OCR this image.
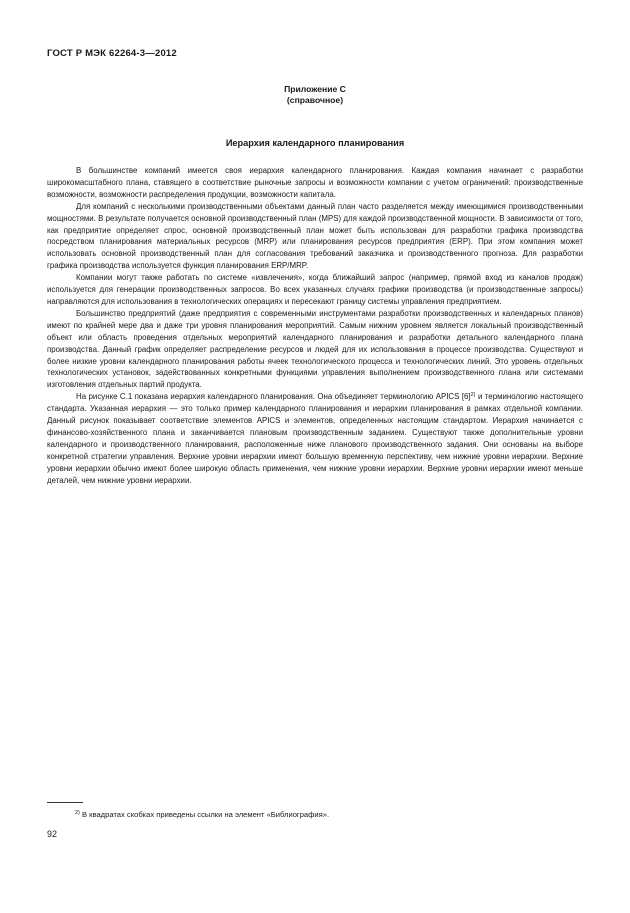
ГОСТ Р МЭК 62264-3—2012
Приложение С
(справочное)
Иерархия календарного планирования

В большинстве компаний имеется своя иерархия календарного планирования. Каждая компания начинает с разработки широкомасштабного плана, ставящего в соответствие рыночные запросы и возможности компании с учетом ограничений: производственные возможности, возможности распределения продукции, возможности капитала.

Для компаний с несколькими производственными объектами данный план часто разделяется между имеющимися производственными мощностями. В результате получается основной производственный план (MPS) для каждой производственной мощности. В зависимости от того, как предприятие определяет спрос, основной производственный план может быть использован для разработки графика производства посредством планирования материальных ресурсов (MRP) или планирования ресурсов предприятия (ERP). При этом компания может использовать основной производственный план для согласования требований заказчика и производственного прогноза. Для разработки графика производства используется функция планирования ERP/MRP.

Компании могут также работать по системе «извлечения», когда ближайший запрос (например, прямой вход из каналов продаж) используется для генерации производственных запросов. Во всех указанных случаях графики производства (и производственные запросы) направляются для использования в технологических операциях и пересекают границу системы управления предприятием.

Большинство предприятий (даже предприятия с современными инструментами разработки производственных и календарных планов) имеют по крайней мере два и даже три уровня планирования мероприятий. Самым нижним уровнем является локальный производственный объект или область проведения отдельных мероприятий календарного планирования и разработки детального календарного плана производства. Данный график определяет распределение ресурсов и людей для их использования в процессе производства. Существуют и более низкие уровни календарного планирования работы ячеек технологического процесса и технологических линий. Это уровень отдельных технологических установок, задействованных конкретными функциями управления выполнением производственного плана или системами изготовления отдельных партий продукта.

На рисунке С.1 показана иерархия календарного планирования. Она объединяет терминологию APICS $[6]^{2)}$ и терминологию настоящего стандарта. Указанная иерархия — это только пример календарного планирования и иерархии планирования в рамках отдельной компании. Данный рисунок показывает соответствие элементов APICS и элементов, определенных настоящим стандартом. Иерархия начинается с финансово-хозяйственного плана и заканчивается плановым производственным заданием. Существуют также дополнительные уровни календарного и производственного планирования, расположенные ниже планового производственного задания. Они основаны на выборе конкретной стратегии управления. Верхние уровни иерархии имеют большую временную перспективу, чем нижние уровни иерархии. Верхние уровни иерархии обычно имеют более широкую область применения, чем нижние уровни иерархии. Верхние уровни иерархии имеют меньше деталей, чем нижние уровни иерархии.

$^{2)}$ В квадратах скобках приведены ссылки на элемент «Библиография».
92
